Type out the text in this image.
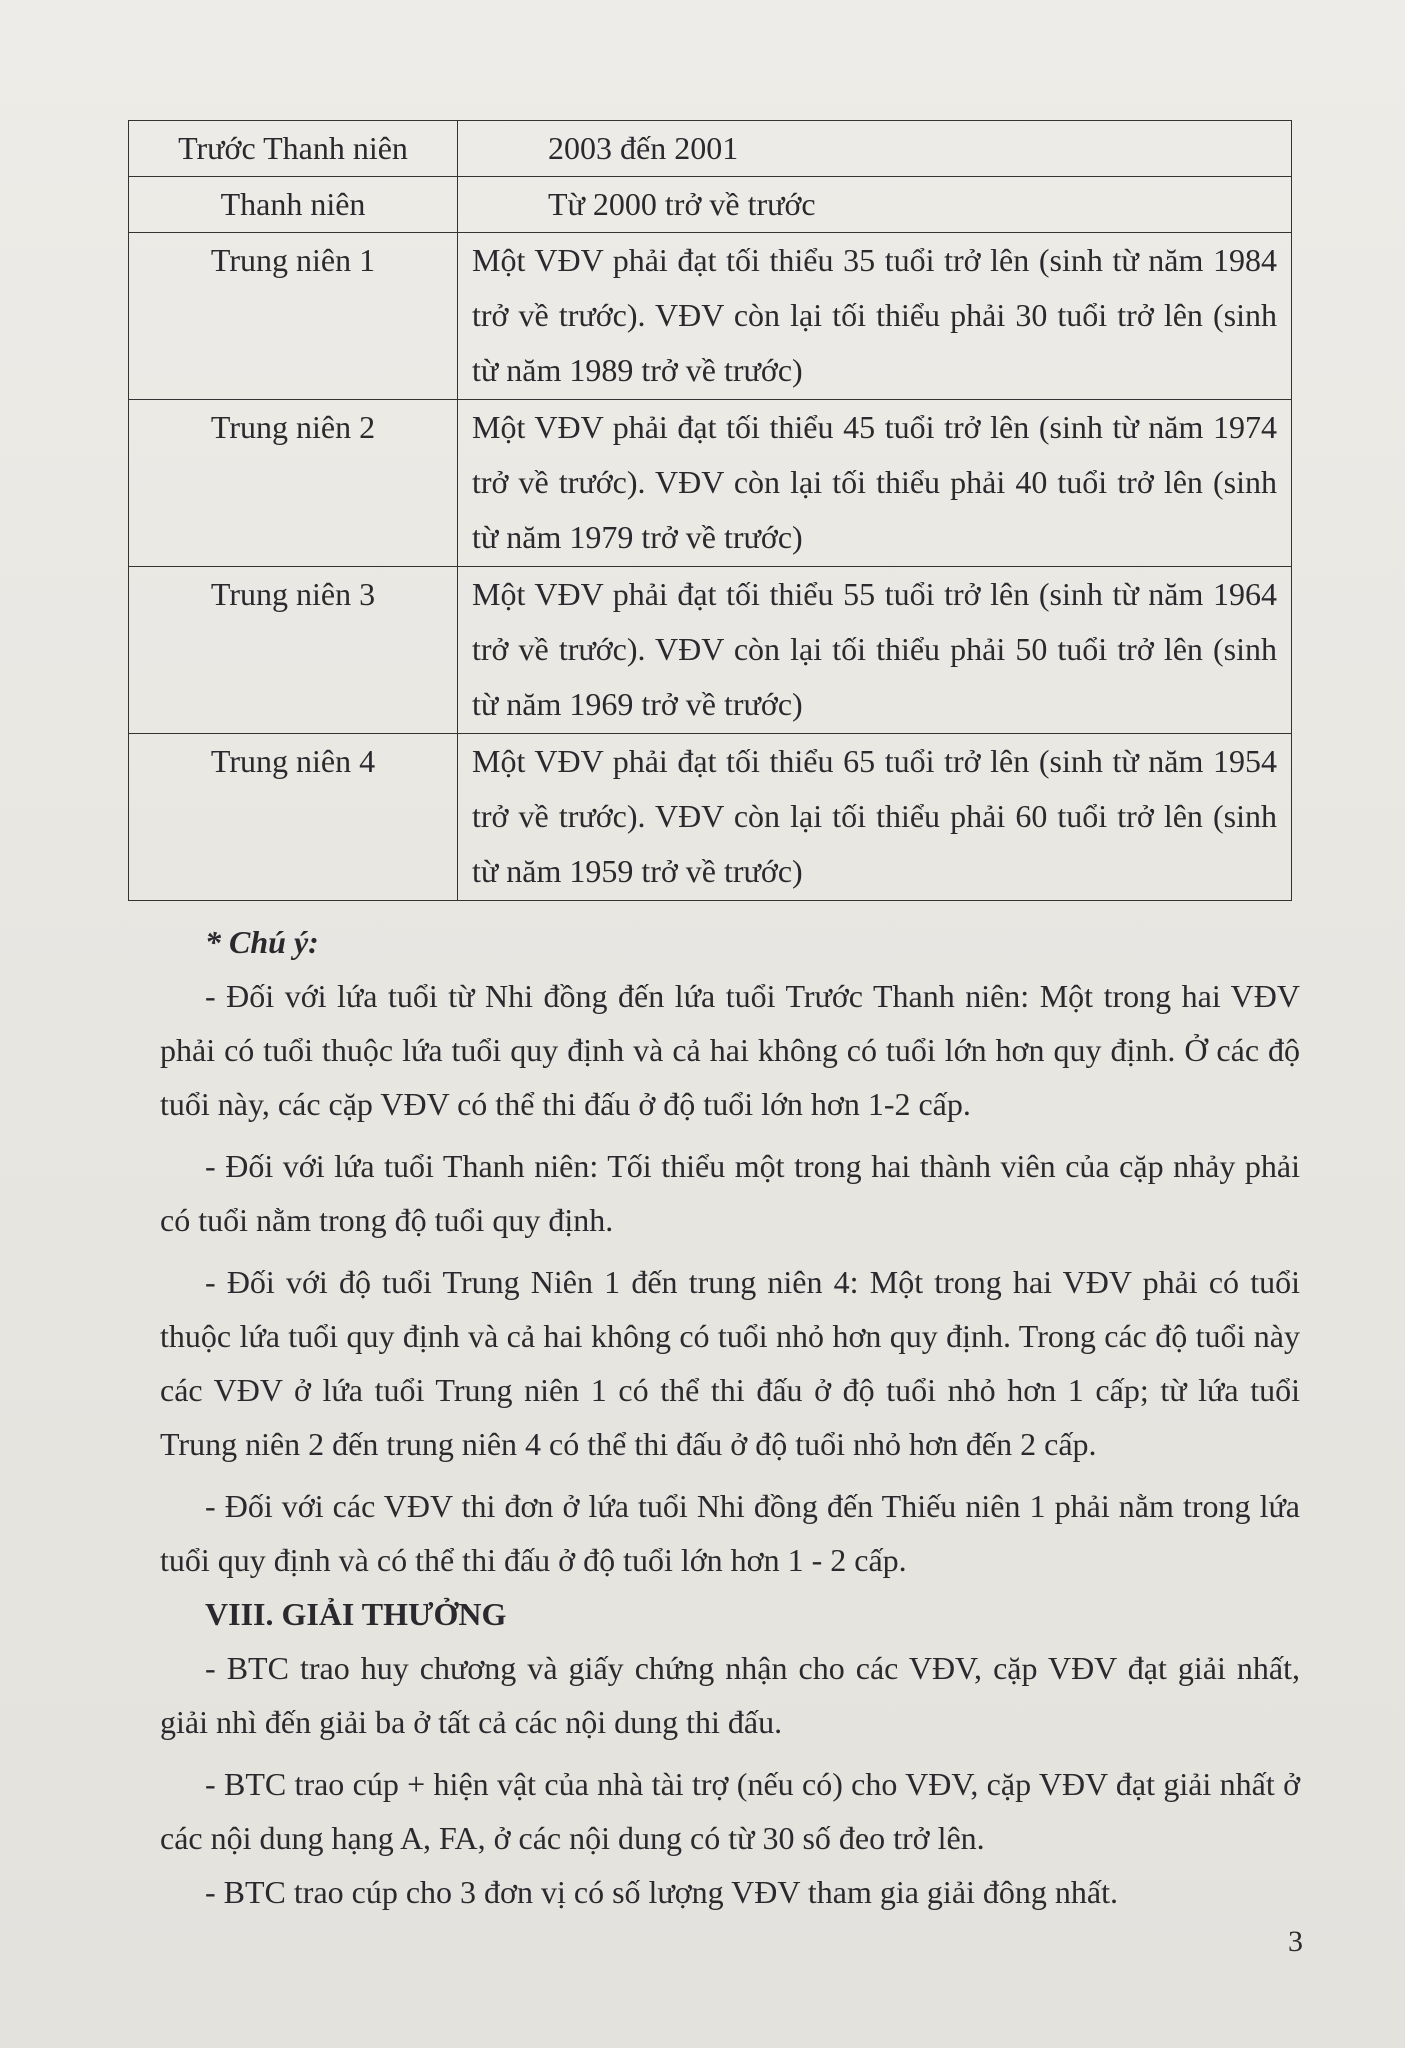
Trước Thanh niên	2003 đến 2001
Thanh niên	Từ 2000 trở về trước
Trung niên 1	Một VĐV phải đạt tối thiểu 35 tuổi trở lên (sinh từ năm 1984 trở về trước). VĐV còn lại tối thiểu phải 30 tuổi trở lên (sinh từ năm 1989 trở về trước)
Trung niên 2	Một VĐV phải đạt tối thiểu 45 tuổi trở lên (sinh từ năm 1974 trở về trước). VĐV còn lại tối thiểu phải 40 tuổi trở lên (sinh từ năm 1979 trở về trước)
Trung niên 3	Một VĐV phải đạt tối thiểu 55 tuổi trở lên (sinh từ năm 1964 trở về trước). VĐV còn lại tối thiểu phải 50 tuổi trở lên (sinh từ năm 1969 trở về trước)
Trung niên 4	Một VĐV phải đạt tối thiểu 65 tuổi trở lên (sinh từ năm 1954 trở về trước). VĐV còn lại tối thiểu phải 60 tuổi trở lên (sinh từ năm 1959 trở về trước)

* Chú ý:

- Đối với lứa tuổi từ Nhi đồng đến lứa tuổi Trước Thanh niên: Một trong hai VĐV phải có tuổi thuộc lứa tuổi quy định và cả hai không có tuổi lớn hơn quy định. Ở các độ tuổi này, các cặp VĐV có thể thi đấu ở độ tuổi lớn hơn 1-2 cấp.

- Đối với lứa tuổi Thanh niên: Tối thiểu một trong hai thành viên của cặp nhảy phải có tuổi nằm trong độ tuổi quy định.

- Đối với độ tuổi Trung Niên 1 đến trung niên 4: Một trong hai VĐV phải có tuổi thuộc lứa tuổi quy định và cả hai không có tuổi nhỏ hơn quy định. Trong các độ tuổi này các VĐV ở lứa tuổi Trung niên 1 có thể thi đấu ở độ tuổi nhỏ hơn 1 cấp; từ lứa tuổi Trung niên 2 đến trung niên 4 có thể thi đấu ở độ tuổi nhỏ hơn đến 2 cấp.

- Đối với các VĐV thi đơn ở lứa tuổi Nhi đồng đến Thiếu niên 1 phải nằm trong lứa tuổi quy định và có thể thi đấu ở độ tuổi lớn hơn 1 - 2 cấp.

VIII. GIẢI THƯỞNG

- BTC trao huy chương và giấy chứng nhận cho các VĐV, cặp VĐV đạt giải nhất, giải nhì đến giải ba ở tất cả các nội dung thi đấu.

- BTC trao cúp + hiện vật của nhà tài trợ (nếu có) cho VĐV, cặp VĐV đạt giải nhất ở các nội dung hạng A, FA, ở các nội dung có từ 30 số đeo trở lên.

- BTC trao cúp cho 3 đơn vị có số lượng VĐV tham gia giải đông nhất.

3
